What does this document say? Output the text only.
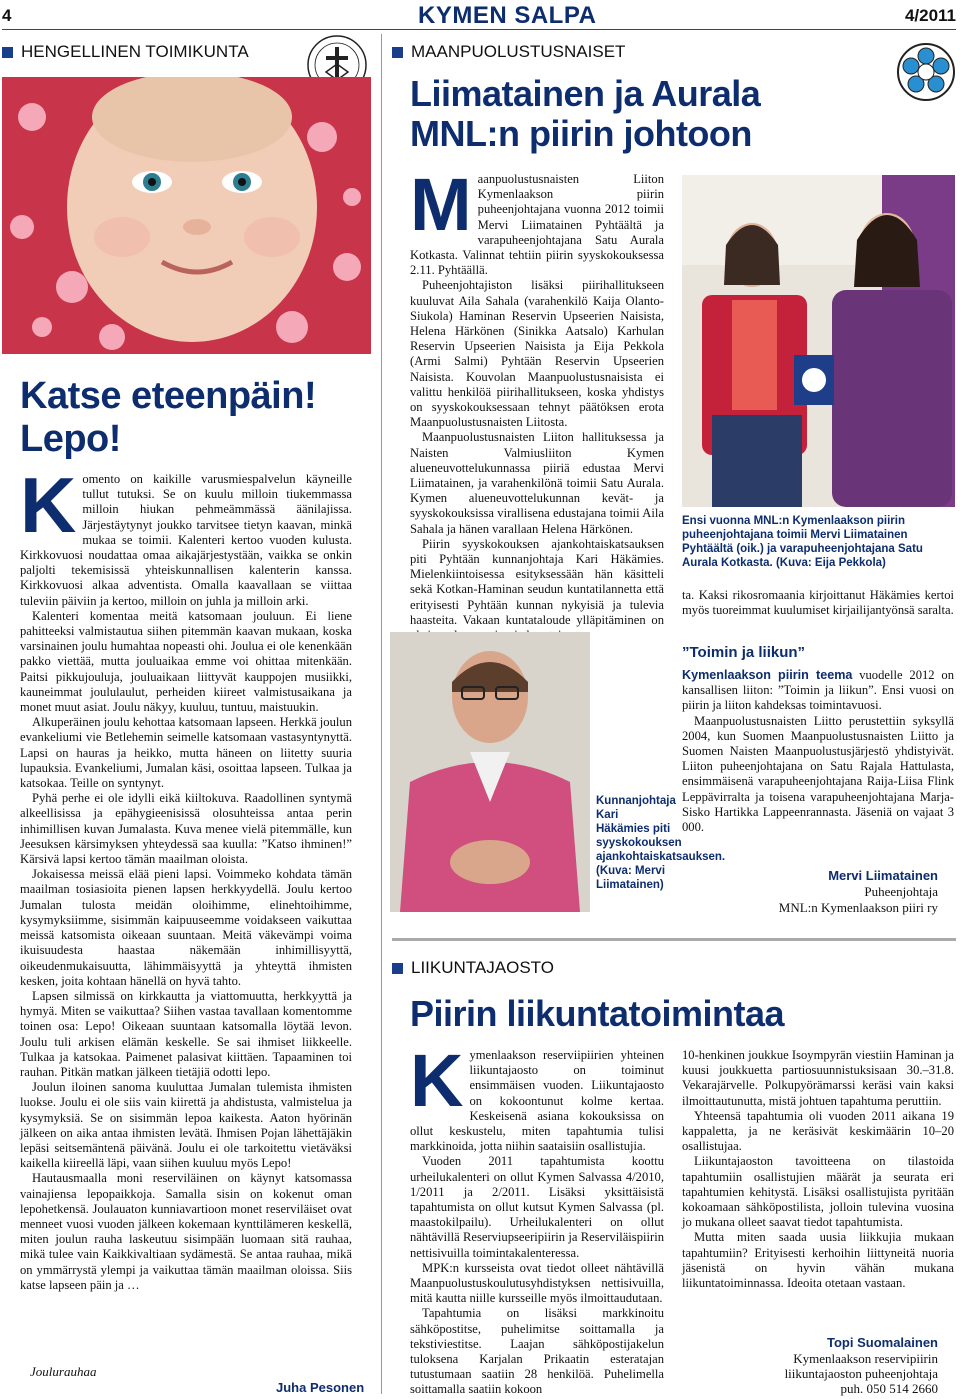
4	KYMEN SALPA	4/2011
HENGELLINEN TOIMIKUNTA
Katse eteenpäin!
Lepo!
K omento on kaikille varusmiespalvelun käyneille tullut tutuksi. Se on kuulu milloin tiukemmassa milloin hiukan pehmeämmässä äänilajissa. Järjestäytynyt joukko tarvitsee tietyn kaavan, minkä mukaa se toimii. Kalenteri kertoo vuoden kulusta. Kirkkovuosi noudattaa omaa aikajärjestystään, vaikka se onkin paljolti tekemisissä yhteiskunnallisen kalenterin kanssa. Kirkkovuosi alkaa adventista. Omalla kaavallaan se viittaa tuleviin päiviin ja kertoo, milloin on juhla ja milloin arki.

Kalenteri komentaa meitä katsomaan jouluun. Ei liene pahitteeksi valmistautua siihen pitemmän kaavan mukaan, koska varsinainen joulu humahtaa nopeasti ohi. Joulua ei ole kenenkään pakko viettää, mutta jouluaikaa emme voi ohittaa mitenkään. Paitsi pikkujouluja, jouluaikaan liittyvät kauppojen musiikki, kauneimmat joululaulut, perheiden kiireet valmistusaikana ja monet muut asiat. Joulu näkyy, kuuluu, tuntuu, maistuukin.

Alkuperäinen joulu kehottaa katsomaan lapseen. Herkkä joulun evankeliumi vie Betlehemin seimelle katsomaan vastasyntynyttä. Lapsi on hauras ja heikko, mutta häneen on liitetty suuria lupauksia. Evankeliumi, Jumalan käsi, osoittaa lapseen. Tulkaa ja katsokaa. Teille on syntynyt.

Pyhä perhe ei ole idylli eikä kiiltokuva. Raadollinen syntymä alkeellisissa ja epähygieenisissä olosuhteissa antaa perin inhimillisen kuvan Jumalasta. Kuva menee vielä pitemmälle, kun Jeesuksen kärsimyksen yhteydessä saa kuulla: ”Katso ihminen!” Kärsivä lapsi kertoo tämän maailman oloista.

Jokaisessa meissä elää pieni lapsi. Voimmeko kohdata tämän maailman tosiasioita pienen lapsen herkkyydellä. Joulu kertoo Jumalan tulosta meidän oloihimme, elinehtoihimme, kysymyksiimme, sisimmän kaipuuseemme voidakseen vaikuttaa meissä katsomista oikeaan suuntaan. Meitä väkevämpi voima ikuisuudesta haastaa näkemään inhimillisyyttä, oikeudenmukaisuutta, lähimmäisyyttä ja yhteyttä ihmisten kesken, joita kohtaan hänellä on hyvä tahto.

Lapsen silmissä on kirkkautta ja viattomuutta, herkkyyttä ja hymyä. Miten se vaikuttaa? Siihen vastaa tavallaan komentomme toinen osa: Lepo! Oikeaan suuntaan katsomalla löytää levon. Joulu tuli arkisen elämän keskelle. Se sai ihmiset liikkeelle. Tulkaa ja katsokaa. Paimenet palasivat kiittäen. Tapaaminen toi rauhan. Pitkän matkan jälkeen tietäjiä odotti lepo.

Joulun iloinen sanoma kuuluttaa Jumalan tulemista ihmisten luokse. Joulu ei ole siis vain kiirettä ja ahdistusta, valmistelua ja kysymyksiä. Se on sisimmän lepoa kaikesta. Aaton hyörinän jälkeen on aika antaa ihmisten levätä. Ihmisen Pojan lähettäjäkin lepäsi seitsemäntenä päivänä. Joulu ei ole tarkoitettu vietäväksi kaikella kiireellä läpi, vaan siihen kuuluu myös Lepo!

Hautausmaalla moni reserviläinen on käynyt katsomassa vainajiensa lepopaikkoja. Samalla sisin on kokenut oman lepohetkensä. Joulauaton kunniavartioon monet reserviläiset ovat menneet vuosi vuoden jälkeen kokemaan kynttilämeren keskellä, miten joulun rauha laskeutuu sisimpään luomaan sitä rauhaa, mikä tulee vain Kaikkivaltiaan sydämestä. Se antaa rauhaa, mikä on ymmärrystä ylempi ja vaikuttaa tämän maailman oloissa. Siis katse lapseen päin ja …

Joulurauhaa
Juha Pesonen
MAANPUOLUSTUSNAISET
Liimatainen ja Aurala
MNL:n piirin johtoon
M aanpuolustusnaisten Liiton Kymenlaakson piirin puheenjohtajana vuonna 2012 toimii Mervi Liimatainen Pyhtäältä ja varapuheenjohtajana Satu Aurala Kotkasta. Valinnat tehtiin piirin syyskokouksessa 2.11. Pyhtäällä.

Puheenjohtajiston lisäksi piirihallitukseen kuuluvat Aila Sahala (varahenkilö Kaija Olanto-Siukola) Haminan Reservin Upseerien Naisista, Helena Härkönen (Sinikka Aatsalo) Karhulan Reservin Upseerien Naisista ja Eija Pekkola (Armi Salmi) Pyhtään Reservin Upseerien Naisista. Kouvolan Maanpuolustusnaisista ei valittu henkilöä piirihallitukseen, koska yhdistys on syyskokouksessaan tehnyt päätöksen erota Maanpuolustusnaisten Liitosta.

Maanpuolustusnaisten Liiton hallituksessa ja Naisten Valmiusliiton Kymen alueneuvottelukunnassa piiriä edustaa Mervi Liimatainen, ja varahenkilönä toimii Satu Aurala. Kymen alueneuvottelukunnan kevät- ja syyskokouksissa virallisena edustajana toimii Aila Sahala ja hänen varallaan Helena Härkönen.

Piirin syyskokouksen ajankohtaiskatsauksen piti Pyhtään kunnanjohtaja Kari Häkämies. Mielenkiintoisessa esityksessään hän käsitteli sekä Kotkan-Haminan seudun kuntatilannetta että erityisesti Pyhtään kunnan nykyisiä ja tulevia haasteita. Vakaan kuntataloude ylläpitäminen on

Ensi vuonna MNL:n Kymenlaakson piirin puheenjohtajana toimii Mervi Liimatainen Pyhtäältä (oik.) ja varapuheenjohtajana Satu Aurala Kotkasta. (Kuva: Eija Pekkola)

ta. Kaksi rikosromaania kirjoittanut Häkämies kertoi myös tuoreimmat kuulumiset kirjailijantyönsä saralta.

”Toimin ja liikun”

Kymenlaakson piirin teema vuodelle 2012 on kansallisen liiton: ”Toimin ja liikun”. Ensi vuosi on piirin ja liiton kahdeksas toimintavuosi.

Maanpuolustusnaisten Liitto perustettiin syksyllä 2004, kun Suomen Maanpuolustusnaisten Liitto ja Suomen Naisten Maanpuolustusjärjestö yhdistyivät. Liiton puheenjohtajana on Satu Rajala Hattulasta, ensimmäisenä varapuheenjohtajana Raija-Liisa Flink Leppävirralta ja toisena varapuheenjohtajana Marja-Sisko Hartikka Lappeenrannasta. Jäseniä on vajaat 3 000.

Kunnanjohtaja Kari Häkämies piti syyskokouksen ajankohtaiskatsauksen. (Kuva: Mervi Liimatainen)
Mervi Liimatainen
Puheenjohtaja
MNL:n Kymenlaakson piiri ry
LIIKUNTAJAOSTO
Piirin liikuntatoimintaa
K ymenlaakson reserviipiirien yhteinen liikuntajaosto on toiminut ensimmäisen vuoden. Liikuntajaosto on kokoontunut kolme kertaa. Keskeisenä asiana kokouksissa on ollut keskustelu, miten tapahtumia tulisi markkinoida, jotta niihin saataisiin osallistujia.

Vuoden 2011 tapahtumista koottu urheilukalenteri on ollut Kymen Salvassa 4/2010, 1/2011 ja 2/2011. Lisäksi yksittäisistä tapahtumista on ollut kutsut Kymen Salvassa (pl. maastokilpailu). Urheilukalenteri on ollut nähtävillä Reserviupseeripiirin ja Reserviläispiirin nettisivuilla toimintakalenteressa.

MPK:n kursseista ovat tiedot olleet nähtävillä Maanpuolustuskoulutusyhdistyksen nettisivuilla, mitä kautta niille kursseille myös ilmoittaudutaan.

Tapahtumia on lisäksi markkinoitu sähköpostitse, puhelimitse soittamalla ja tekstiviestitse. Laajan sähköpostijakelun tuloksena Karjalan Prikaatin esteratajan tutustumaan saatiin 28 henkilöä. Puhelimella soittamalla saatiin kokoon

10-henkinen joukkue Isoympyrän viestiin Haminan ja kuusi joukkuetta partiosuunnistuksisaan 30.–31.8. Vekarajärvelle. Polkupyörämarssi keräsi vain kaksi ilmoittautunutta, mistä johtuen tapahtuma peruttiin.

Yhteensä tapahtumia oli vuoden 2011 aikana 19 kappaletta, ja ne keräsivät keskimäärin 10–20 osallistujaa.

Liikuntajaoston tavoitteena on tilastoida tapahtumiin osallistujien määrät ja seurata eri tapahtumien kehitystä. Lisäksi osallistujista pyritään kokoamaan sähköpostilista, jolloin tulevina vuosina jo mukana olleet saavat tiedot tapahtumista.

Mutta miten saada uusia liikkujia mukaan tapahtumiin? Erityisesti kerhoihin liittyneitä nuoria jäsenistä on hyvin vähän mukana liikuntatoiminnassa. Ideoita otetaan vastaan.

Topi Suomalainen
Kymenlaakson reservipiirin
liikuntajaoston puheenjohtaja
puh. 050 514 2660
